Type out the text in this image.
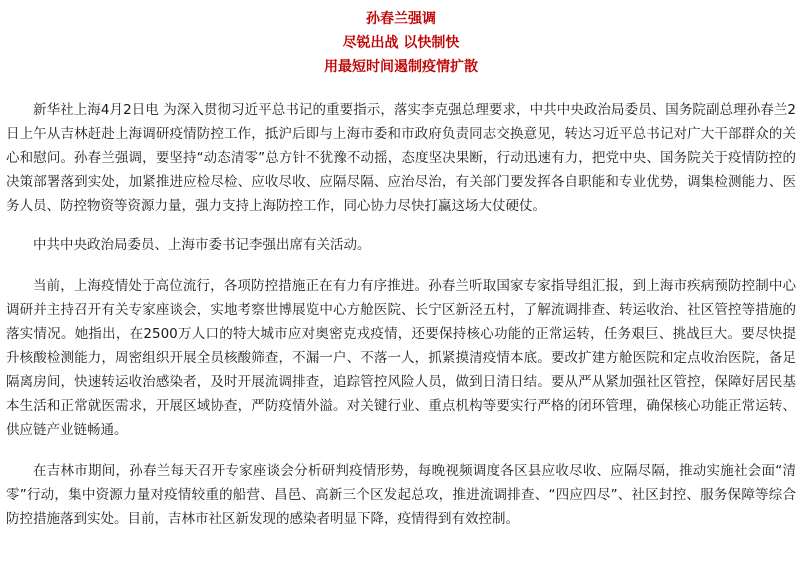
孙春兰强调
尽锐出战 以快制快
用最短时间遏制疫情扩散

新华社上海4月2日电 为深入贯彻习近平总书记的重要指示，落实李克强总理要求，中共中央政治局委员、国务院副总理孙春兰2日上午从吉林赶赴上海调研疫情防控工作，抵沪后即与上海市委和市政府负责同志交换意见，转达习近平总书记对广大干部群众的关心和慰问。孙春兰强调，要坚持“动态清零”总方针不犹豫不动摇，态度坚决果断，行动迅速有力，把党中央、国务院关于疫情防控的决策部署落到实处，加紧推进应检尽检、应收尽收、应隔尽隔、应治尽治，有关部门要发挥各自职能和专业优势，调集检测能力、医务人员、防控物资等资源力量，强力支持上海防控工作，同心协力尽快打赢这场大仗硬仗。

中共中央政治局委员、上海市委书记李强出席有关活动。

当前，上海疫情处于高位流行，各项防控措施正在有力有序推进。孙春兰听取国家专家指导组汇报，到上海市疾病预防控制中心调研并主持召开有关专家座谈会，实地考察世博展览中心方舱医院、长宁区新泾五村，了解流调排查、转运收治、社区管控等措施的落实情况。她指出，在2500万人口的特大城市应对奥密克戎疫情，还要保持核心功能的正常运转，任务艰巨、挑战巨大。要尽快提升核酸检测能力，周密组织开展全员核酸筛查，不漏一户、不落一人，抓紧摸清疫情本底。要改扩建方舱医院和定点收治医院，备足隔离房间，快速转运收治感染者，及时开展流调排查，追踪管控风险人员，做到日清日结。要从严从紧加强社区管控，保障好居民基本生活和正常就医需求，开展区域协查，严防疫情外溢。对关键行业、重点机构等要实行严格的闭环管理，确保核心功能正常运转、供应链产业链畅通。

在吉林市期间，孙春兰每天召开专家座谈会分析研判疫情形势，每晚视频调度各区县应收尽收、应隔尽隔，推动实施社会面“清零”行动，集中资源力量对疫情较重的船营、昌邑、高新三个区发起总攻，推进流调排查、“四应四尽”、社区封控、服务保障等综合防控措施落到实处。目前，吉林市社区新发现的感染者明显下降，疫情得到有效控制。
